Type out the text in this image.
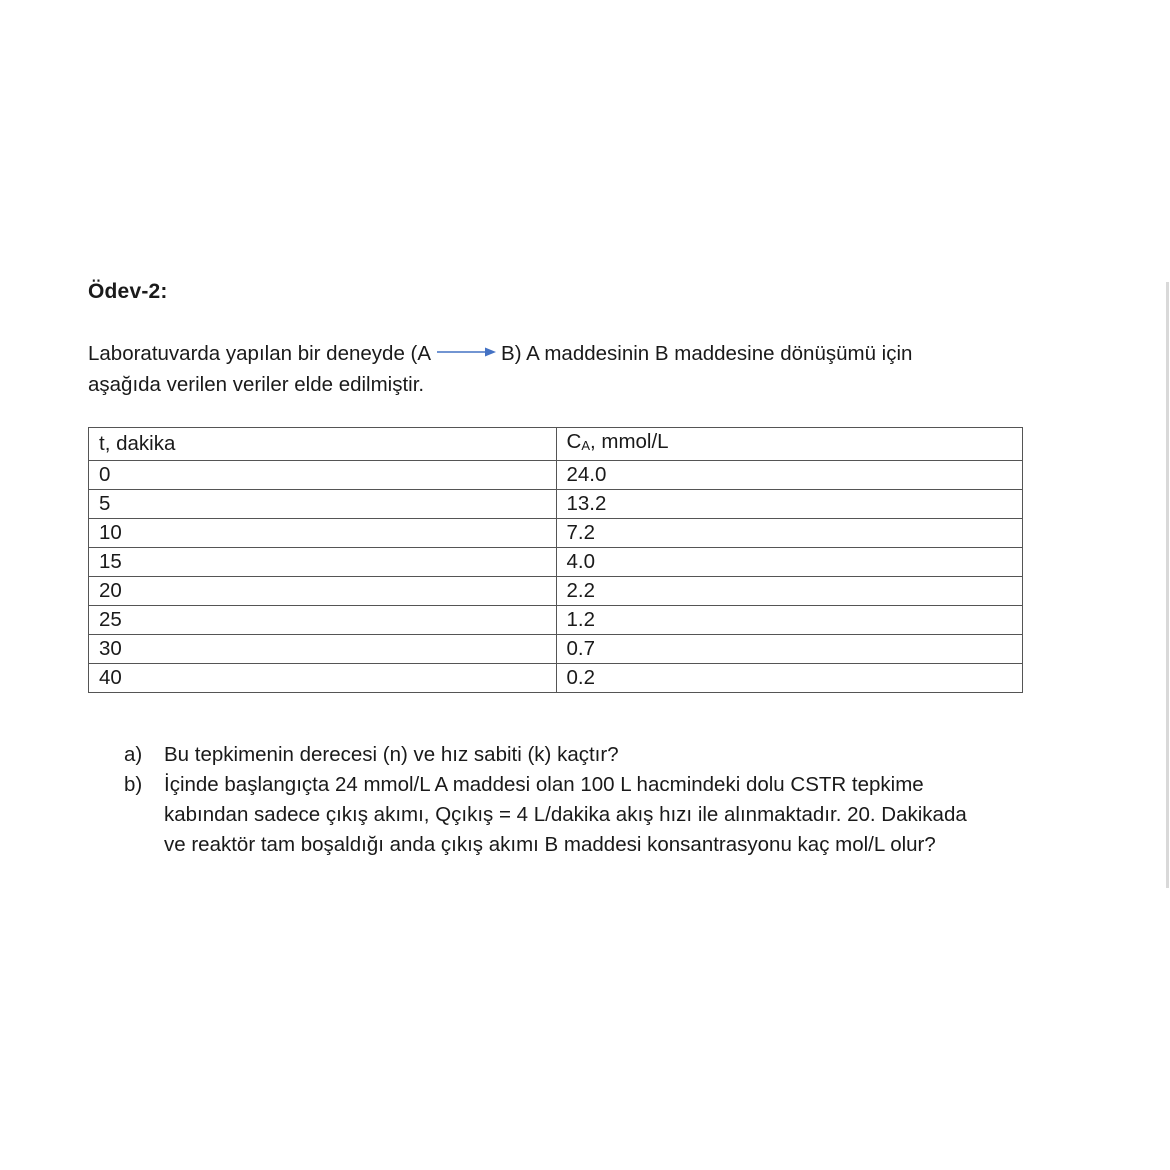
Ödev-2:
Laboratuvarda yapılan bir deneyde (A	B) A maddesinin B maddesine dönüşümü için
aşağıda verilen veriler elde edilmiştir.
t, dakika	$C_A$, mmol/L
0	24.0
5	13.2
10	7.2
15	4.0
20	2.2
25	1.2
30	0.7
40	0.2
a) Bu tepkimenin derecesi (n) ve hız sabiti (k) kaçtır?
b) İçinde başlangıçta 24 mmol/L A maddesi olan 100 L hacmindeki dolu CSTR tepkime
kabından sadece çıkış akımı, Qçıkış = 4 L/dakika akış hızı ile alınmaktadır. 20. Dakikada
ve reaktör tam boşaldığı anda çıkış akımı B maddesi konsantrasyonu kaç mol/L olur?
